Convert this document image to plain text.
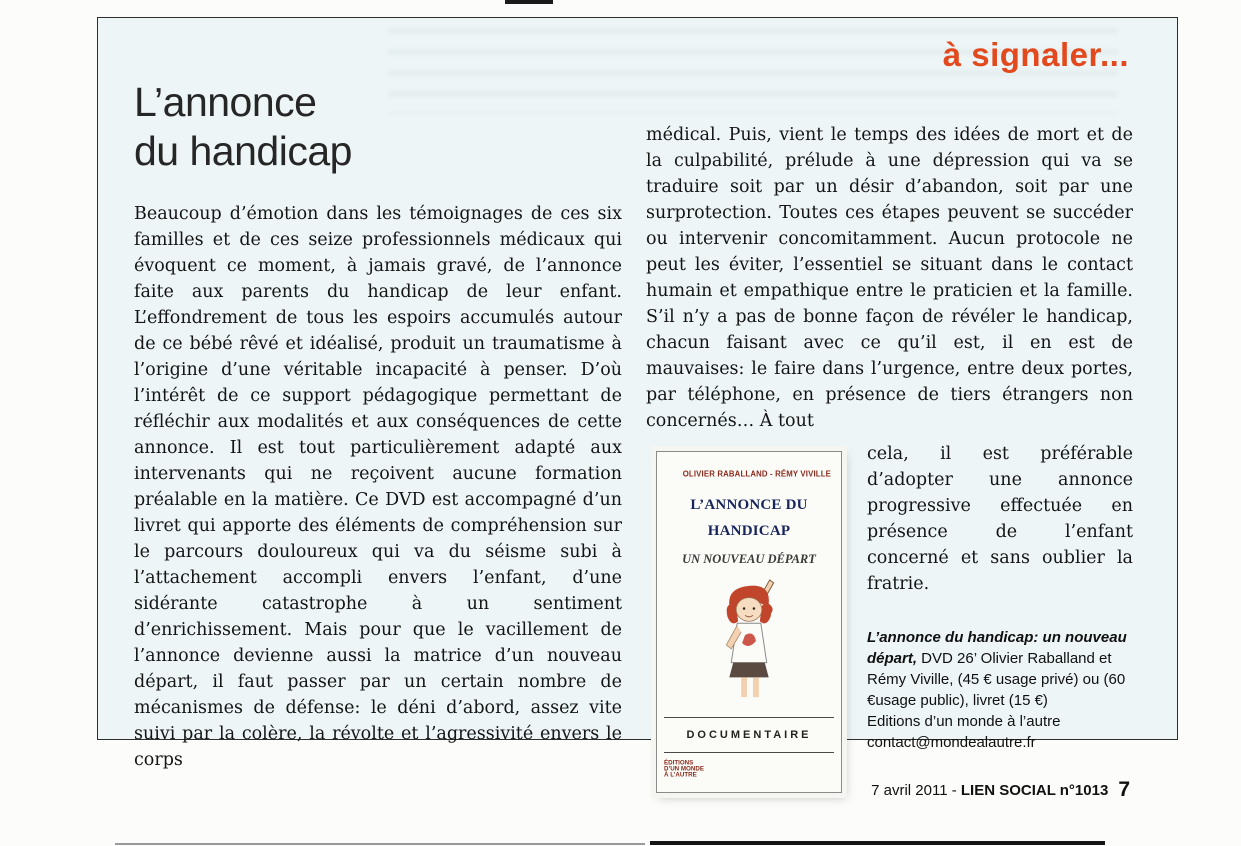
à signaler...
L’annonce
du handicap
Beaucoup d’émotion dans les témoignages de ces six familles et de ces seize professionnels médicaux qui évoquent ce moment, à jamais gravé, de l’annonce faite aux parents du handicap de leur enfant. L’effondrement de tous les espoirs accumulés autour de ce bébé rêvé et idéalisé, produit un traumatisme à l’origine d’une véritable incapacité à penser. D’où l’intérêt de ce support pédagogique permettant de réfléchir aux modalités et aux conséquences de cette annonce. Il est tout particulièrement adapté aux intervenants qui ne reçoivent aucune formation préalable en la matière. Ce DVD est accompagné d’un livret qui apporte des éléments de compréhension sur le parcours douloureux qui va du séisme subi à l’attachement accompli envers l’enfant, d’une sidérante catastrophe à un sentiment d’enrichissement. Mais pour que le vacillement de l’annonce devienne aussi la matrice d’un nouveau départ, il faut passer par un certain nombre de mécanismes de défense: le déni d’abord, assez vite suivi par la colère, la révolte et l’agressivité envers le corps
médical. Puis, vient le temps des idées de mort et de la culpabilité, prélude à une dépression qui va se traduire soit par un désir d’abandon, soit par une surprotection. Toutes ces étapes peuvent se succéder ou intervenir concomitamment. Aucun protocole ne peut les éviter, l’essentiel se situant dans le contact humain et empathique entre le praticien et la famille. S’il n’y a pas de bonne façon de révéler le handicap, chacun faisant avec ce qu’il est, il en est de mauvaises: le faire dans l’urgence, entre deux portes, par téléphone, en présence de tiers étrangers non concernés… À tout
OLIVIER RABALLAND - RÉMY VIVILLE
L’ANNONCE DU HANDICAP
UN NOUVEAU DÉPART
DOCUMENTAIRE
ÉDITIONS
D’UN MONDE
À L’AUTRE
cela, il est préférable d’adopter une annonce progressive effectuée en présence de l’enfant concerné et sans oublier la fratrie.
L’annonce du handicap: un nouveau départ, DVD 26’ Olivier Raballand et Rémy Viville, (45 € usage privé) ou (60 €usage public), livret (15 €)
Editions d’un monde à l’autre
contact@mondealautre.fr
7 avril 2011 - LIEN SOCIAL n°1013 7
